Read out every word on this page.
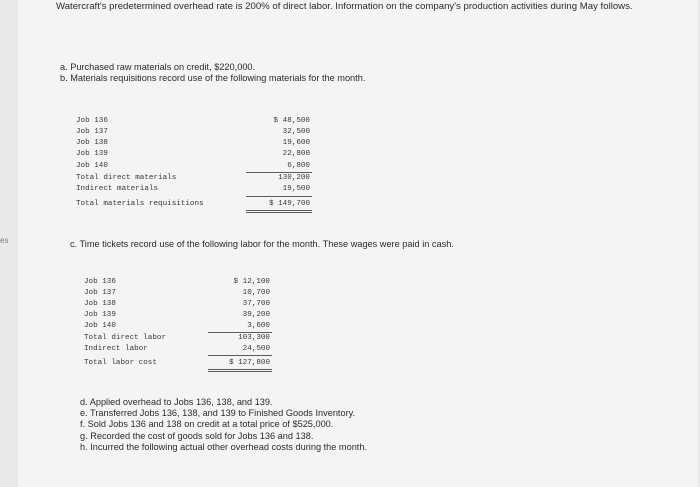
es
Watercraft's predetermined overhead rate is 200% of direct labor. Information on the company's production activities during May follows.
a. Purchased raw materials on credit, $220,000.
b. Materials requisitions record use of the following materials for the month.
Job 136
Job 137
Job 138
Job 139
Job 140
Total direct materials
Indirect materials
Total materials requisitions
$ 48,500
32,500
19,600
22,800
6,800
130,200
19,500
$ 149,700
c. Time tickets record use of the following labor for the month. These wages were paid in cash.
Job 136
Job 137
Job 138
Job 139
Job 140
Total direct labor
Indirect labor
Total labor cost
$ 12,100
10,700
37,700
39,200
3,600
103,300
24,500
$ 127,800
d. Applied overhead to Jobs 136, 138, and 139.
e. Transferred Jobs 136, 138, and 139 to Finished Goods Inventory.
f. Sold Jobs 136 and 138 on credit at a total price of $525,000.
g. Recorded the cost of goods sold for Jobs 136 and 138.
h. Incurred the following actual other overhead costs during the month.
